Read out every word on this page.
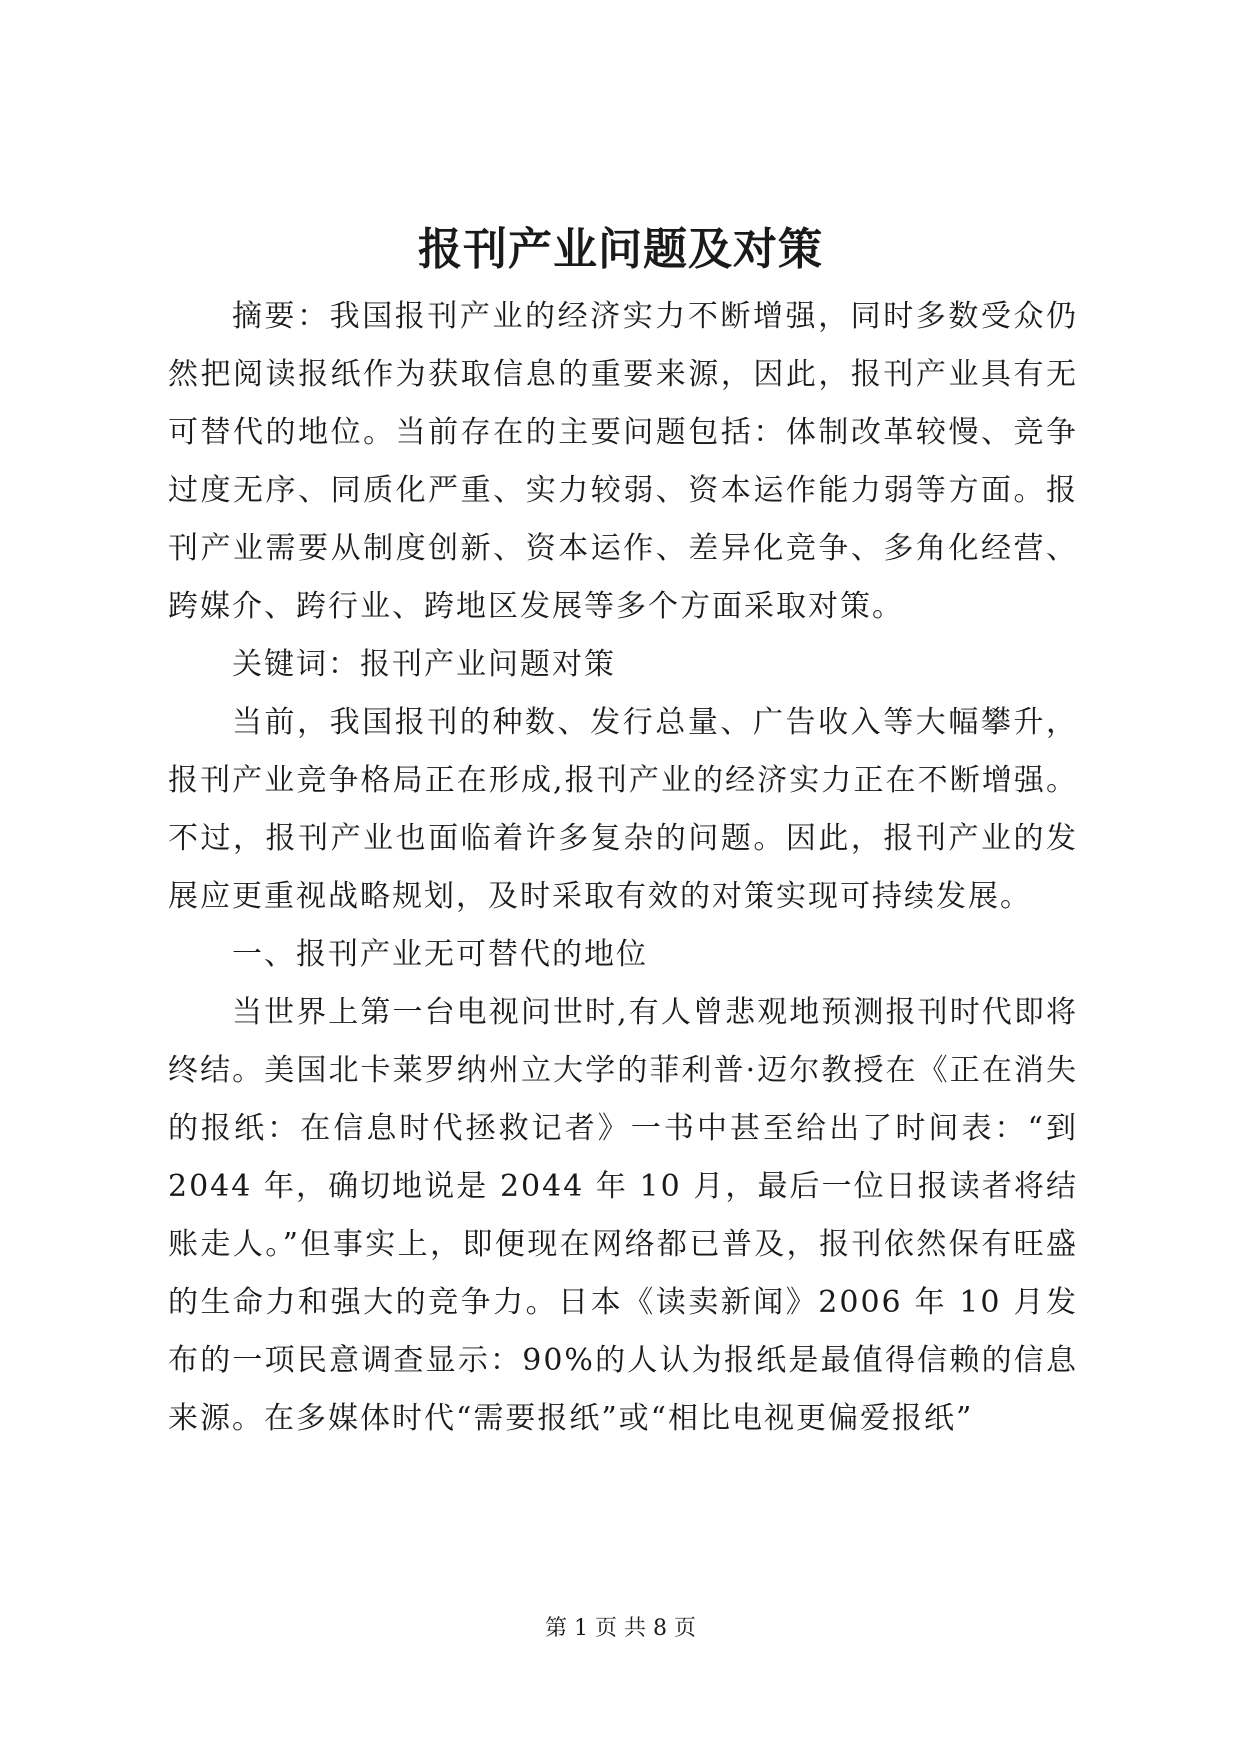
报刊产业问题及对策

摘要：我国报刊产业的经济实力不断增强，同时多数受众仍然把阅读报纸作为获取信息的重要来源，因此，报刊产业具有无可替代的地位。当前存在的主要问题包括：体制改革较慢、竞争过度无序、同质化严重、实力较弱、资本运作能力弱等方面。报刊产业需要从制度创新、资本运作、差异化竞争、多角化经营、跨媒介、跨行业、跨地区发展等多个方面采取对策。

关键词：报刊产业问题对策

当前，我国报刊的种数、发行总量、广告收入等大幅攀升，报刊产业竞争格局正在形成,报刊产业的经济实力正在不断增强。不过，报刊产业也面临着许多复杂的问题。因此，报刊产业的发展应更重视战略规划，及时采取有效的对策实现可持续发展。

一、报刊产业无可替代的地位

当世界上第一台电视问世时,有人曾悲观地预测报刊时代即将终结。美国北卡莱罗纳州立大学的菲利普·迈尔教授在《正在消失的报纸：在信息时代拯救记者》一书中甚至给出了时间表：“到 2044 年，确切地说是 2044 年 10 月，最后一位日报读者将结账走人。”但事实上，即便现在网络都已普及，报刊依然保有旺盛的生命力和强大的竞争力。日本《读卖新闻》2006 年 10 月发布的一项民意调查显示：90%的人认为报纸是最值得信赖的信息来源。在多媒体时代“需要报纸”或“相比电视更偏爱报纸”

第 1 页 共 8 页
